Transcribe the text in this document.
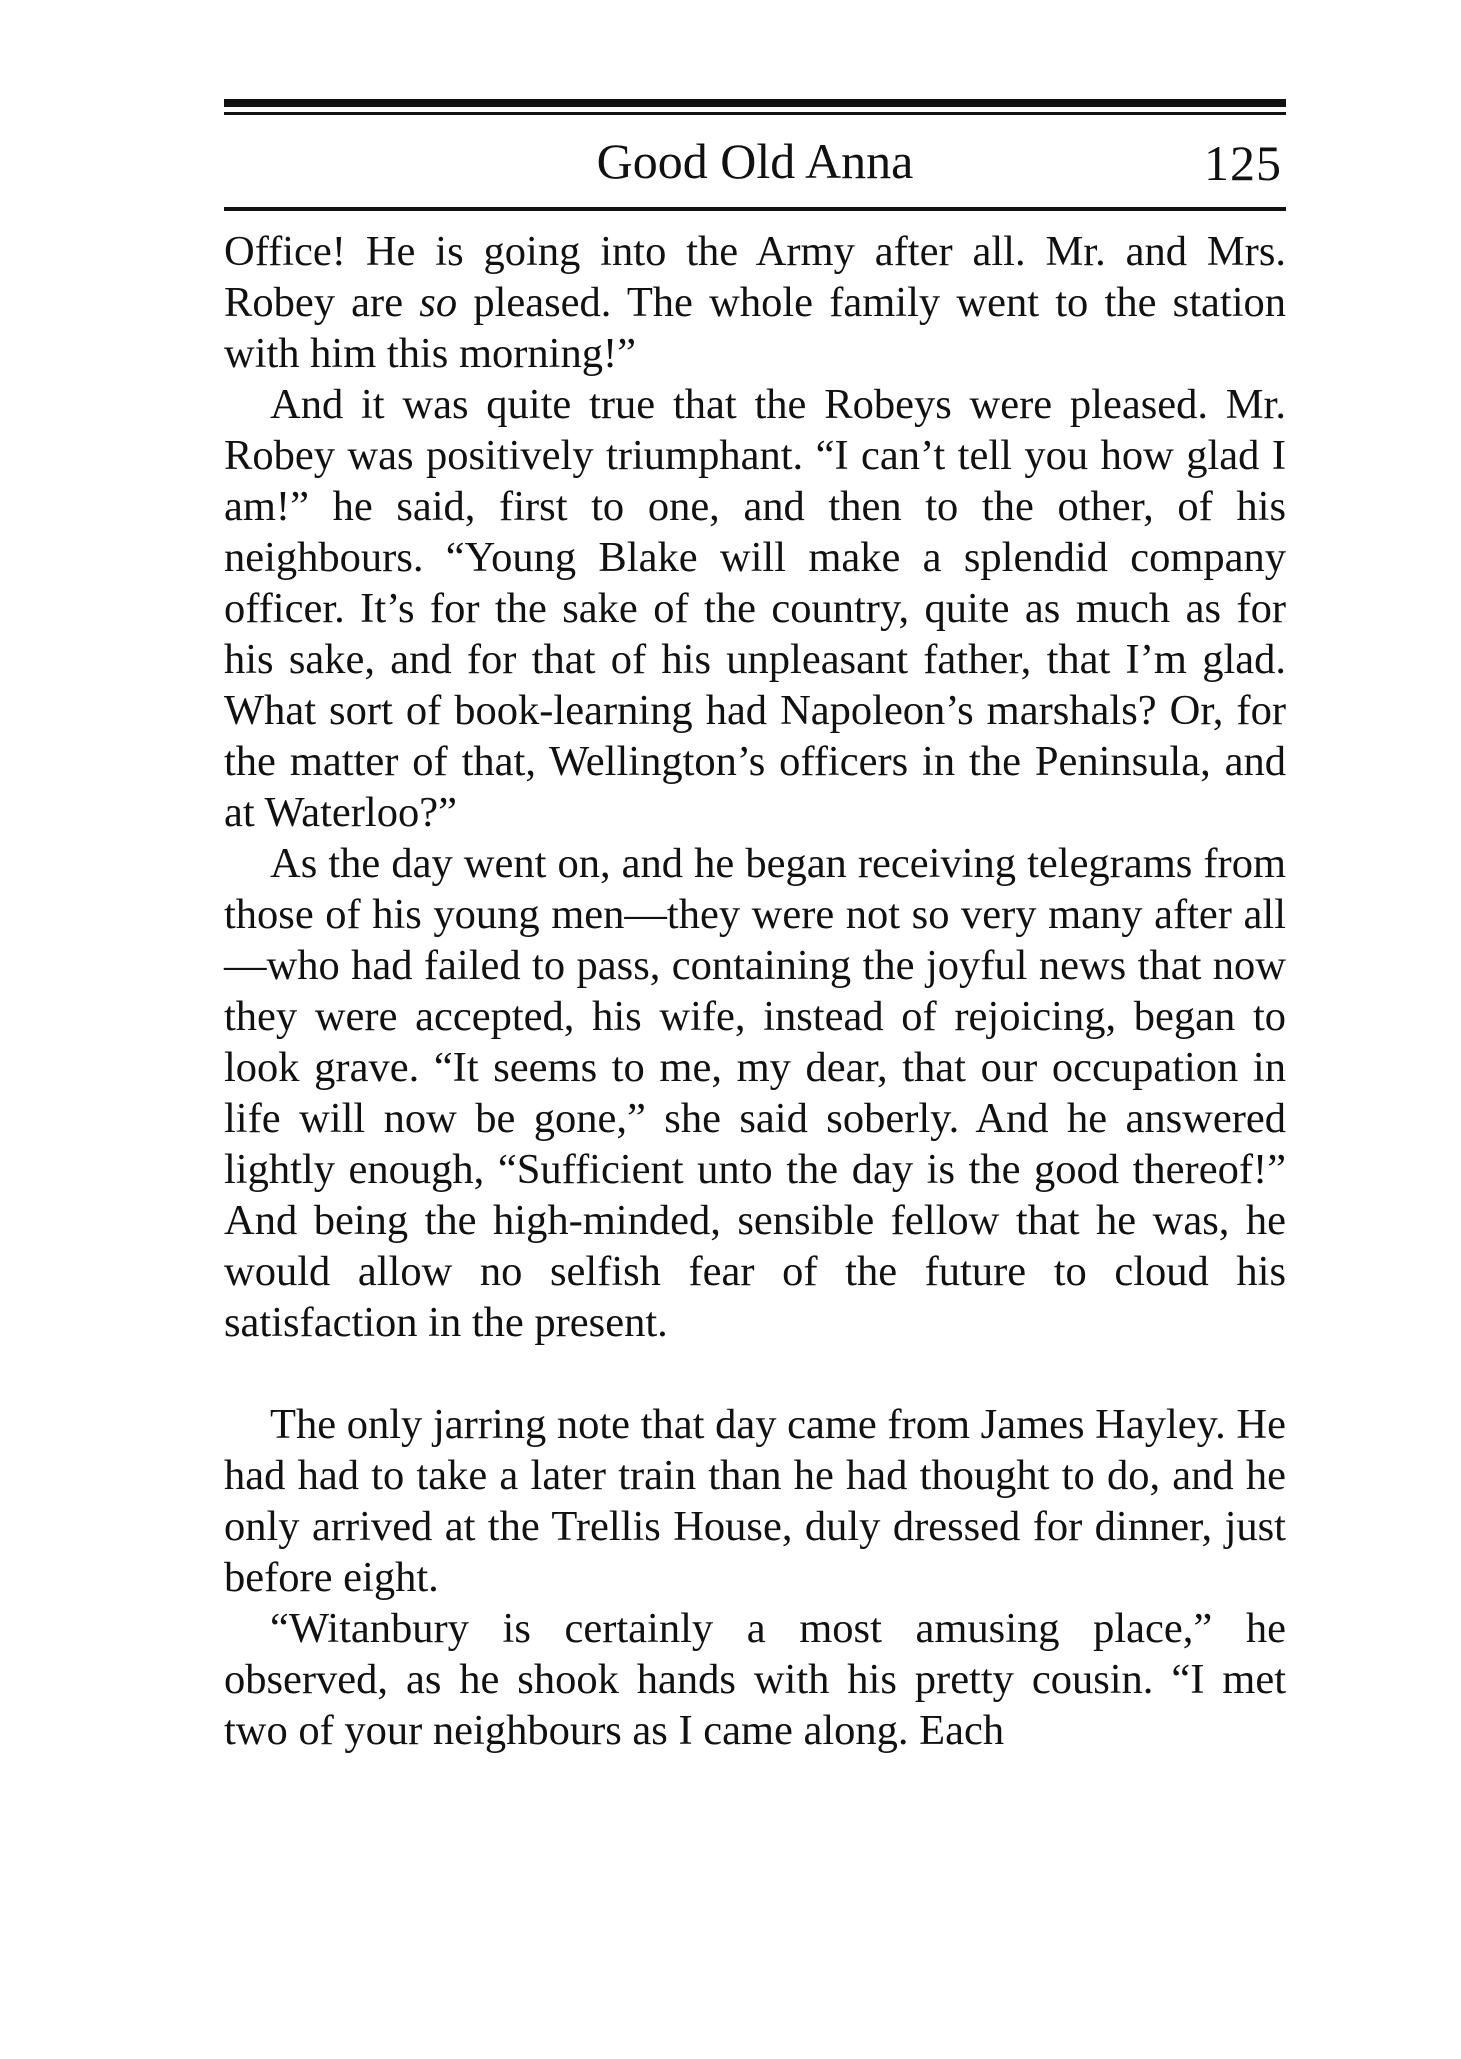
Good Old Anna	125

Office! He is going into the Army after all. Mr. and Mrs. Robey are so pleased. The whole family went to the station with him this morning!”

And it was quite true that the Robeys were pleased. Mr. Robey was positively triumphant. “I can’t tell you how glad I am!” he said, first to one, and then to the other, of his neighbours. “Young Blake will make a splendid company officer. It’s for the sake of the country, quite as much as for his sake, and for that of his unpleasant father, that I’m glad. What sort of book-learning had Napoleon’s marshals? Or, for the matter of that, Wellington’s officers in the Peninsula, and at Waterloo?”

As the day went on, and he began receiving telegrams from those of his young men—they were not so very many after all—who had failed to pass, containing the joyful news that now they were accepted, his wife, instead of rejoicing, began to look grave. “It seems to me, my dear, that our occupation in life will now be gone,” she said soberly. And he answered lightly enough, “Sufficient unto the day is the good thereof!” And being the high-minded, sensible fellow that he was, he would allow no selfish fear of the future to cloud his satisfaction in the present.

The only jarring note that day came from James Hayley. He had had to take a later train than he had thought to do, and he only arrived at the Trellis House, duly dressed for dinner, just before eight.

“Witanbury is certainly a most amusing place,” he observed, as he shook hands with his pretty cousin. “I met two of your neighbours as I came along. Each
